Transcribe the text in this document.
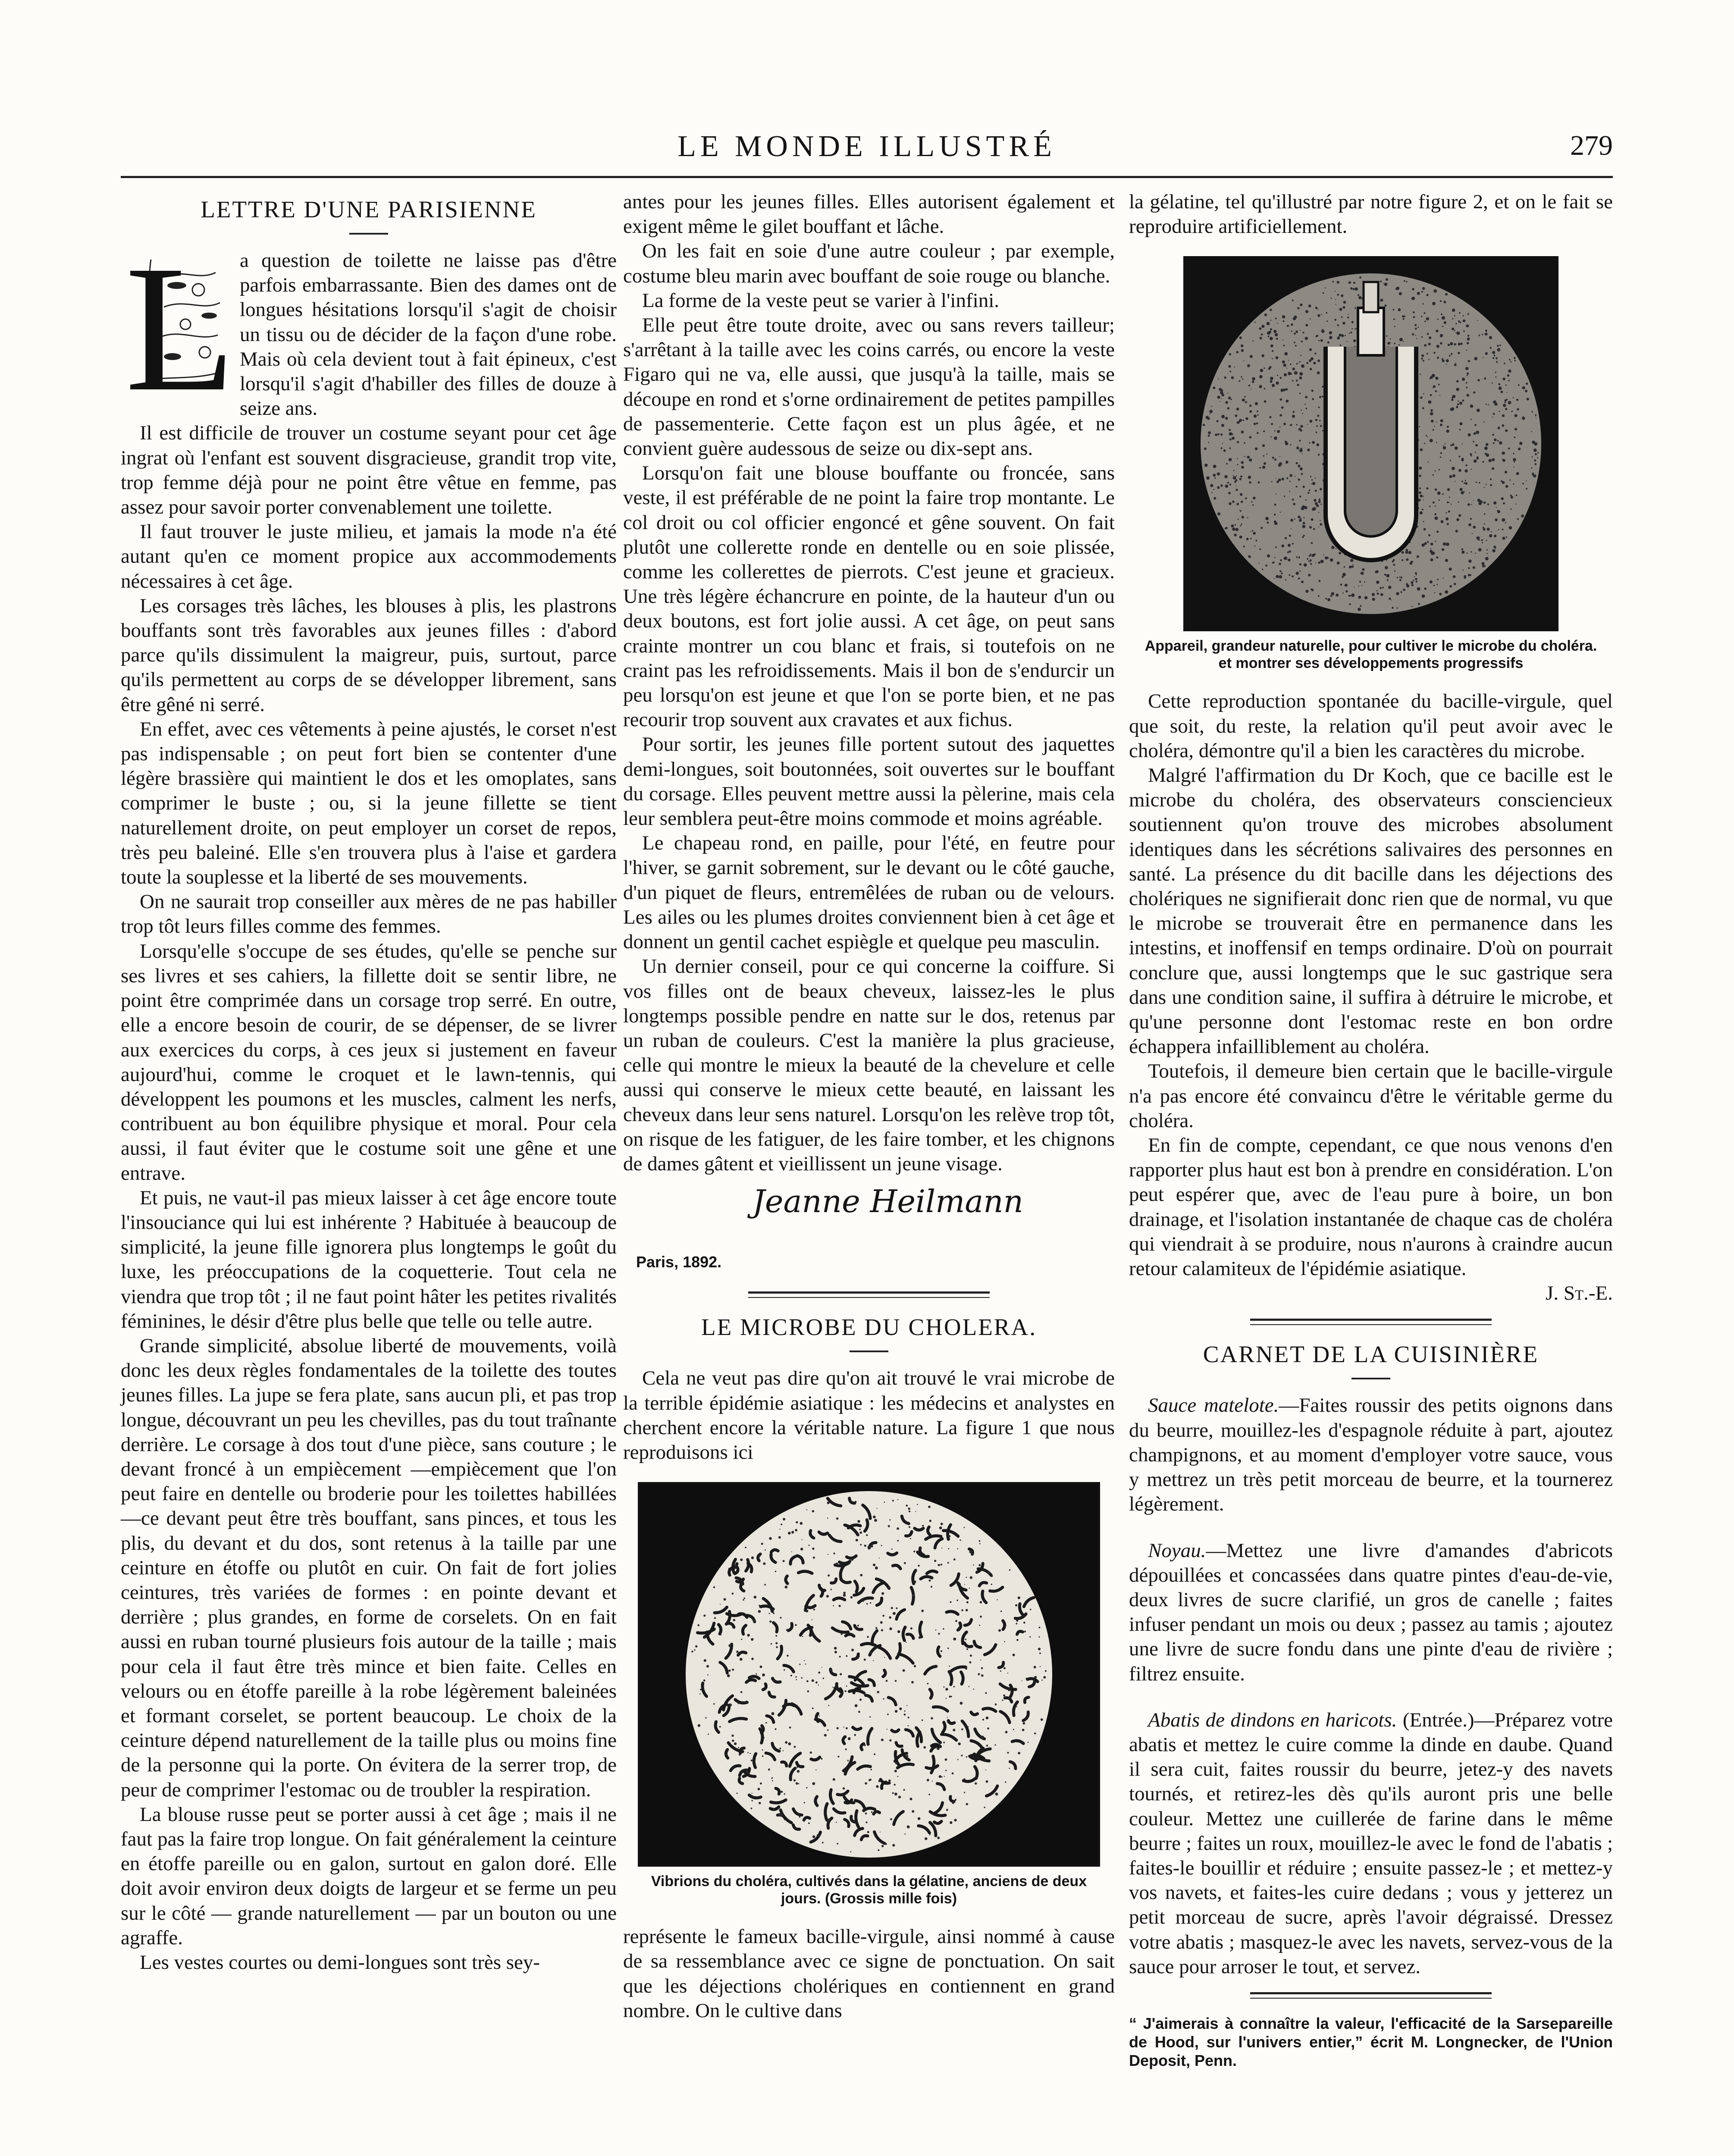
LE MONDE ILLUSTRÉ	279
LETTRE D'UNE PARISIENNE
L a question de toilette ne laisse pas d'être parfois embarrassante. Bien des dames ont de longues hésitations lorsqu'il s'agit de choisir un tissu ou de décider de la façon d'une robe. Mais où cela devient tout à fait épineux, c'est lorsqu'il s'agit d'habiller des filles de douze à seize ans.

Il est difficile de trouver un costume seyant pour cet âge ingrat où l'enfant est souvent disgracieuse, grandit trop vite, trop femme déjà pour ne point être vêtue en femme, pas assez pour savoir porter convenablement une toilette.

Il faut trouver le juste milieu, et jamais la mode n'a été autant qu'en ce moment propice aux accommodements nécessaires à cet âge.

Les corsages très lâches, les blouses à plis, les plastrons bouffants sont très favorables aux jeunes filles : d'abord parce qu'ils dissimulent la maigreur, puis, surtout, parce qu'ils permettent au corps de se développer librement, sans être gêné ni serré.

En effet, avec ces vêtements à peine ajustés, le corset n'est pas indispensable ; on peut fort bien se contenter d'une légère brassière qui maintient le dos et les omoplates, sans comprimer le buste ; ou, si la jeune fillette se tient naturellement droite, on peut employer un corset de repos, très peu baleiné. Elle s'en trouvera plus à l'aise et gardera toute la souplesse et la liberté de ses mouvements.

On ne saurait trop conseiller aux mères de ne pas habiller trop tôt leurs filles comme des femmes.

Lorsqu'elle s'occupe de ses études, qu'elle se penche sur ses livres et ses cahiers, la fillette doit se sentir libre, ne point être comprimée dans un corsage trop serré. En outre, elle a encore besoin de courir, de se dépenser, de se livrer aux exercices du corps, à ces jeux si justement en faveur aujourd'hui, comme le croquet et le lawn-tennis, qui développent les poumons et les muscles, calment les nerfs, contribuent au bon équilibre physique et moral. Pour cela aussi, il faut éviter que le costume soit une gêne et une entrave.

Et puis, ne vaut-il pas mieux laisser à cet âge encore toute l'insouciance qui lui est inhérente ? Habituée à beaucoup de simplicité, la jeune fille ignorera plus longtemps le goût du luxe, les préoccupations de la coquetterie. Tout cela ne viendra que trop tôt ; il ne faut point hâter les petites rivalités féminines, le désir d'être plus belle que telle ou telle autre.

Grande simplicité, absolue liberté de mouvements, voilà donc les deux règles fondamentales de la toilette des toutes jeunes filles. La jupe se fera plate, sans aucun pli, et pas trop longue, découvrant un peu les chevilles, pas du tout traînante derrière. Le corsage à dos tout d'une pièce, sans couture ; le devant froncé à un empiècement —empiècement que l'on peut faire en dentelle ou broderie pour les toilettes habillées—ce devant peut être très bouffant, sans pinces, et tous les plis, du devant et du dos, sont retenus à la taille par une ceinture en étoffe ou plutôt en cuir. On fait de fort jolies ceintures, très variées de formes : en pointe devant et derrière ; plus grandes, en forme de corselets. On en fait aussi en ruban tourné plusieurs fois autour de la taille ; mais pour cela il faut être très mince et bien faite. Celles en velours ou en étoffe pareille à la robe légèrement baleinées et formant corselet, se portent beaucoup. Le choix de la ceinture dépend naturellement de la taille plus ou moins fine de la personne qui la porte. On évitera de la serrer trop, de peur de comprimer l'estomac ou de troubler la respiration.

La blouse russe peut se porter aussi à cet âge ; mais il ne faut pas la faire trop longue. On fait généralement la ceinture en étoffe pareille ou en galon, surtout en galon doré. Elle doit avoir environ deux doigts de largeur et se ferme un peu sur le côté — grande naturellement — par un bouton ou une agraffe.

Les vestes courtes ou demi-longues sont très sey-

antes pour les jeunes filles. Elles autorisent également et exigent même le gilet bouffant et lâche.

On les fait en soie d'une autre couleur ; par exemple, costume bleu marin avec bouffant de soie rouge ou blanche.

La forme de la veste peut se varier à l'infini.

Elle peut être toute droite, avec ou sans revers tailleur; s'arrêtant à la taille avec les coins carrés, ou encore la veste Figaro qui ne va, elle aussi, que jusqu'à la taille, mais se découpe en rond et s'orne ordinairement de petites pampilles de passementerie. Cette façon est un plus âgée, et ne convient guère audessous de seize ou dix-sept ans.

Lorsqu'on fait une blouse bouffante ou froncée, sans veste, il est préférable de ne point la faire trop montante. Le col droit ou col officier engoncé et gêne souvent. On fait plutôt une collerette ronde en dentelle ou en soie plissée, comme les collerettes de pierrots. C'est jeune et gracieux. Une très légère échancrure en pointe, de la hauteur d'un ou deux boutons, est fort jolie aussi. A cet âge, on peut sans crainte montrer un cou blanc et frais, si toutefois on ne craint pas les refroidissements. Mais il bon de s'endurcir un peu lorsqu'on est jeune et que l'on se porte bien, et ne pas recourir trop souvent aux cravates et aux fichus.

Pour sortir, les jeunes fille portent sutout des jaquettes demi-longues, soit boutonnées, soit ouvertes sur le bouffant du corsage. Elles peuvent mettre aussi la pèlerine, mais cela leur semblera peut-être moins commode et moins agréable.

Le chapeau rond, en paille, pour l'été, en feutre pour l'hiver, se garnit sobrement, sur le devant ou le côté gauche, d'un piquet de fleurs, entremêlées de ruban ou de velours. Les ailes ou les plumes droites conviennent bien à cet âge et donnent un gentil cachet espiègle et quelque peu masculin.

Un dernier conseil, pour ce qui concerne la coiffure. Si vos filles ont de beaux cheveux, laissez-les le plus longtemps possible pendre en natte sur le dos, retenus par un ruban de couleurs. C'est la manière la plus gracieuse, celle qui montre le mieux la beauté de la chevelure et celle aussi qui conserve le mieux cette beauté, en laissant les cheveux dans leur sens naturel. Lorsqu'on les relève trop tôt, on risque de les fatiguer, de les faire tomber, et les chignons de dames gâtent et vieillissent un jeune visage.

Jeanne Heilmann
Paris, 1892.
LE MICROBE DU CHOLERA.

Cela ne veut pas dire qu'on ait trouvé le vrai microbe de la terrible épidémie asiatique : les médecins et analystes en cherchent encore la véritable nature. La figure 1 que nous reproduisons ici

Vibrions du choléra, cultivés dans la gélatine, anciens de deux jours. (Grossis mille fois)

représente le fameux bacille-virgule, ainsi nommé à cause de sa ressemblance avec ce signe de ponctuation. On sait que les déjections cholériques en contiennent en grand nombre. On le cultive dans

la gélatine, tel qu'illustré par notre figure 2, et on le fait se reproduire artificiellement.

Appareil, grandeur naturelle, pour cultiver le microbe du choléra. et montrer ses développements progressifs

Cette reproduction spontanée du bacille-virgule, quel que soit, du reste, la relation qu'il peut avoir avec le choléra, démontre qu'il a bien les caractères du microbe.

Malgré l'affirmation du Dr Koch, que ce bacille est le microbe du choléra, des observateurs consciencieux soutiennent qu'on trouve des microbes absolument identiques dans les sécrétions salivaires des personnes en santé. La présence du dit bacille dans les déjections des cholériques ne signifierait donc rien que de normal, vu que le microbe se trouverait être en permanence dans les intestins, et inoffensif en temps ordinaire. D'où on pourrait conclure que, aussi longtemps que le suc gastrique sera dans une condition saine, il suffira à détruire le microbe, et qu'une personne dont l'estomac reste en bon ordre échappera infailliblement au choléra.

Toutefois, il demeure bien certain que le bacille-virgule n'a pas encore été convaincu d'être le véritable germe du choléra.

En fin de compte, cependant, ce que nous venons d'en rapporter plus haut est bon à prendre en considération. L'on peut espérer que, avec de l'eau pure à boire, un bon drainage, et l'isolation instantanée de chaque cas de choléra qui viendrait à se produire, nous n'aurons à craindre aucun retour calamiteux de l'épidémie asiatique.

J. St.-E.
CARNET DE LA CUISINIÈRE

Sauce matelote.—Faites roussir des petits oignons dans du beurre, mouillez-les d'espagnole réduite à part, ajoutez champignons, et au moment d'employer votre sauce, vous y mettrez un très petit morceau de beurre, et la tournerez légèrement.

Noyau.—Mettez une livre d'amandes d'abricots dépouillées et concassées dans quatre pintes d'eau-de-vie, deux livres de sucre clarifié, un gros de canelle ; faites infuser pendant un mois ou deux ; passez au tamis ; ajoutez une livre de sucre fondu dans une pinte d'eau de rivière ; filtrez ensuite.

Abatis de dindons en haricots. (Entrée.)—Préparez votre abatis et mettez le cuire comme la dinde en daube. Quand il sera cuit, faites roussir du beurre, jetez-y des navets tournés, et retirez-les dès qu'ils auront pris une belle couleur. Mettez une cuillerée de farine dans le même beurre ; faites un roux, mouillez-le avec le fond de l'abatis ; faites-le bouillir et réduire ; ensuite passez-le ; et mettez-y vos navets, et faites-les cuire dedans ; vous y jetterez un petit morceau de sucre, après l'avoir dégraissé. Dressez votre abatis ; masquez-le avec les navets, servez-vous de la sauce pour arroser le tout, et servez.

“ J'aimerais à connaître la valeur, l'efficacité de la Sarsepareille de Hood, sur l'univers entier,” écrit M. Longnecker, de l'Union Deposit, Penn.
